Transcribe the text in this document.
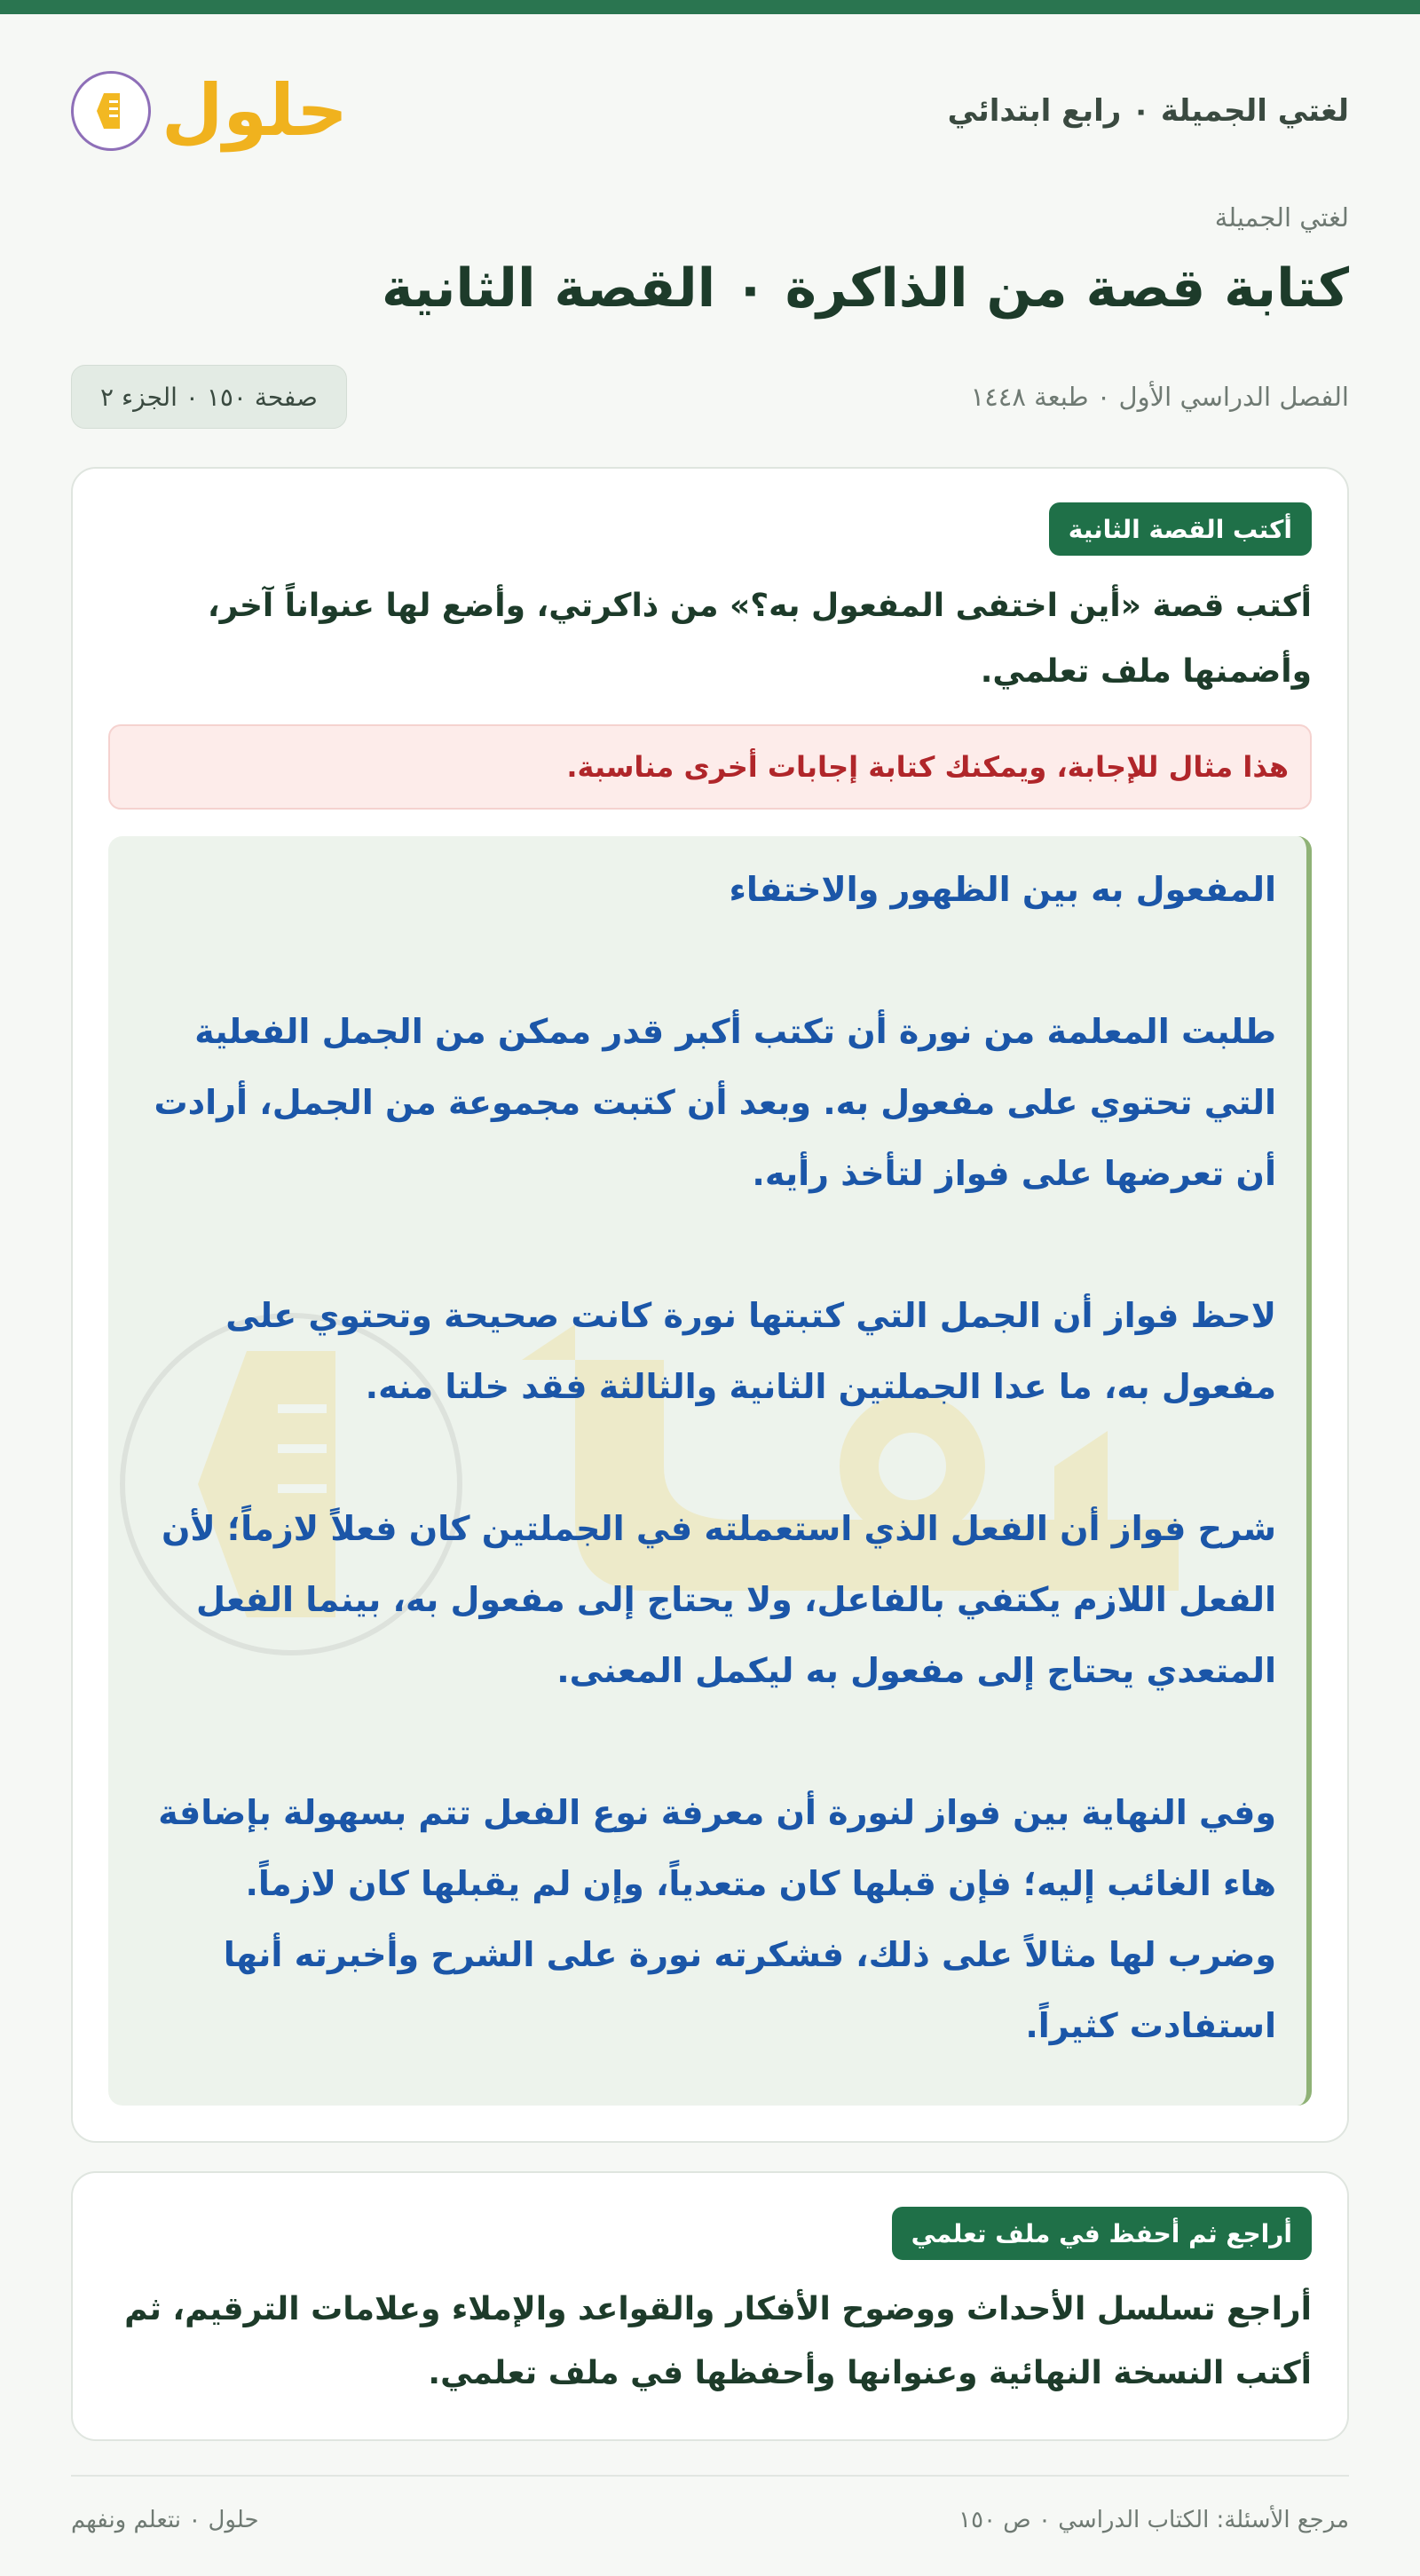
لغتي الجميلة ٠ رابع ابتدائي
حلول
لغتي الجميلة
كتابة قصة من الذاكرة ٠ القصة الثانية
الفصل الدراسي الأول ٠ طبعة ١٤٤٨
صفحة ١٥٠ ٠ الجزء ٢
أكتب القصة الثانية
أكتب قصة «أين اختفى المفعول به؟» من ذاكرتي، وأضع لها عنواناً آخر، وأضمنها ملف تعلمي.
هذا مثال للإجابة، ويمكنك كتابة إجابات أخرى مناسبة.

المفعول به بين الظهور والاختفاء

طلبت المعلمة من نورة أن تكتب أكبر قدر ممكن من الجمل الفعلية التي تحتوي على مفعول به. وبعد أن كتبت مجموعة من الجمل، أرادت أن تعرضها على فواز لتأخذ رأيه.

لاحظ فواز أن الجمل التي كتبتها نورة كانت صحيحة وتحتوي على مفعول به، ما عدا الجملتين الثانية والثالثة فقد خلتا منه.

شرح فواز أن الفعل الذي استعملته في الجملتين كان فعلاً لازماً؛ لأن الفعل اللازم يكتفي بالفاعل، ولا يحتاج إلى مفعول به، بينما الفعل المتعدي يحتاج إلى مفعول به ليكمل المعنى.

وفي النهاية بين فواز لنورة أن معرفة نوع الفعل تتم بسهولة بإضافة هاء الغائب إليه؛ فإن قبلها كان متعدياً، وإن لم يقبلها كان لازماً. وضرب لها مثالاً على ذلك، فشكرته نورة على الشرح وأخبرته أنها استفادت كثيراً.

أراجع ثم أحفظ في ملف تعلمي
أراجع تسلسل الأحداث ووضوح الأفكار والقواعد والإملاء وعلامات الترقيم، ثم أكتب النسخة النهائية وعنوانها وأحفظها في ملف تعلمي.
مرجع الأسئلة: الكتاب الدراسي ٠ ص ١٥٠
حلول ٠ نتعلم ونفهم
